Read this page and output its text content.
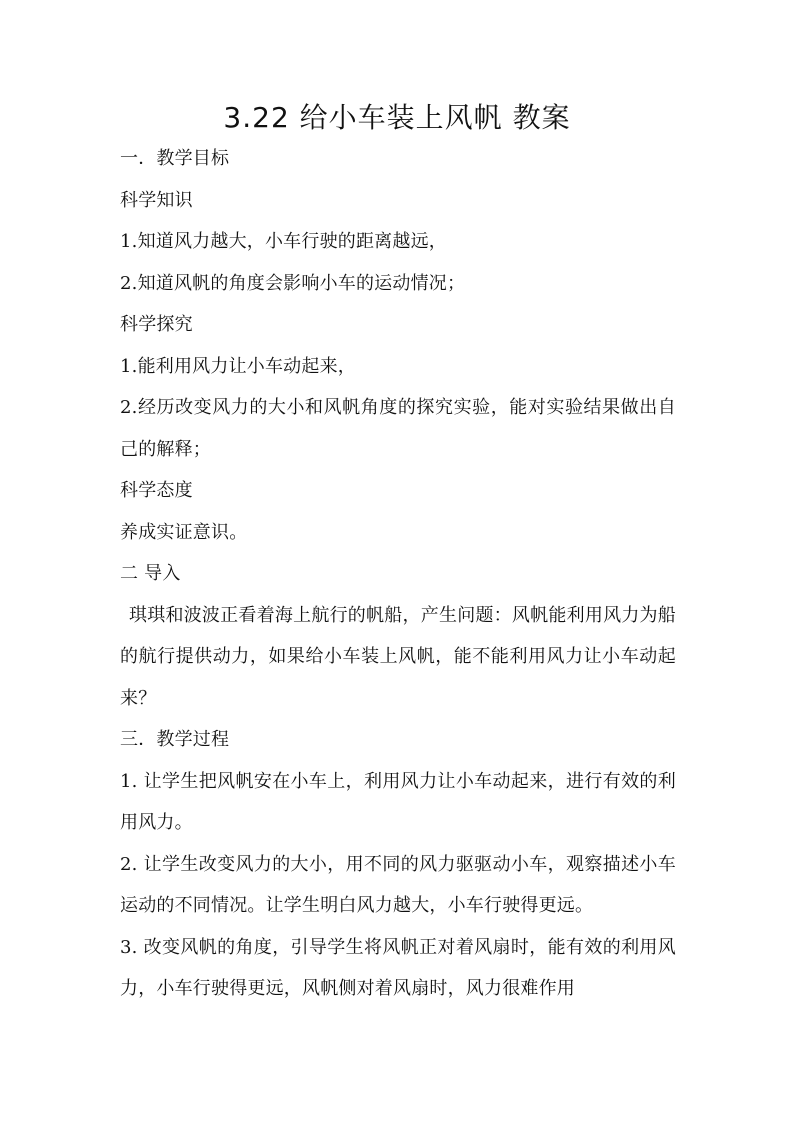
3.22 给小车装上风帆 教案
一．教学目标
科学知识
1.知道风力越大，小车行驶的距离越远，
2.知道风帆的角度会影响小车的运动情况；
科学探究
1.能利用风力让小车动起来，
2.经历改变风力的大小和风帆角度的探究实验，能对实验结果做出自己的解释；
科学态度
养成实证意识。
二 导入
琪琪和波波正看着海上航行的帆船，产生问题：风帆能利用风力为船的航行提供动力，如果给小车装上风帆，能不能利用风力让小车动起来？
三．教学过程
1. 让学生把风帆安在小车上，利用风力让小车动起来，进行有效的利用风力。
2. 让学生改变风力的大小，用不同的风力驱驱动小车，观察描述小车运动的不同情况。让学生明白风力越大，小车行驶得更远。
3. 改变风帆的角度，引导学生将风帆正对着风扇时，能有效的利用风力，小车行驶得更远，风帆侧对着风扇时，风力很难作用
